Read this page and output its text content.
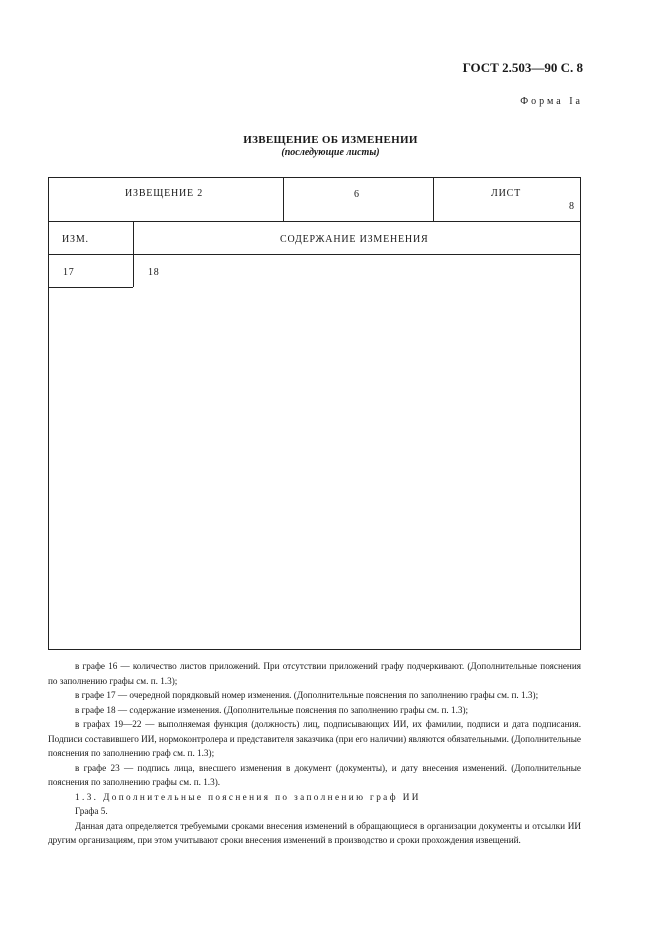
ГОСТ 2.503—90 С. 8
Форма Ia
ИЗВЕЩЕНИЕ ОБ ИЗМЕНЕНИИ
(последующие листы)
ИЗВЕЩЕНИЕ 2	6	ЛИСТ
8
ИЗМ.	СОДЕРЖАНИЕ ИЗМЕНЕНИЯ
17	18

в графе 16 — количество листов приложений. При отсутствии приложений графу подчеркивают. (Дополнительные пояснения по заполнению графы см. п. 1.3);

в графе 17 — очередной порядковый номер изменения. (Дополнительные пояснения по заполнению графы см. п. 1.3);

в графе 18 — содержание изменения. (Дополнительные пояснения по заполнению графы см. п. 1.3);

в графах 19—22 — выполняемая функция (должность) лиц, подписывающих ИИ, их фамилии, подписи и дата подписания. Подписи составившего ИИ, нормоконтролера и представителя заказчика (при его наличии) являются обязательными. (Дополнительные пояснения по заполнению граф см. п. 1.3);

в графе 23 — подпись лица, внесшего изменения в документ (документы), и дату внесения изменений. (Дополнительные пояснения по заполнению графы см. п. 1.3).

1.3. Дополнительные пояснения по заполнению граф ИИ

Графа 5.

Данная дата определяется требуемыми сроками внесения изменений в обращающиеся в организации документы и отсылки ИИ другим организациям, при этом учитывают сроки внесения изменений в производство и сроки прохождения извещений.
